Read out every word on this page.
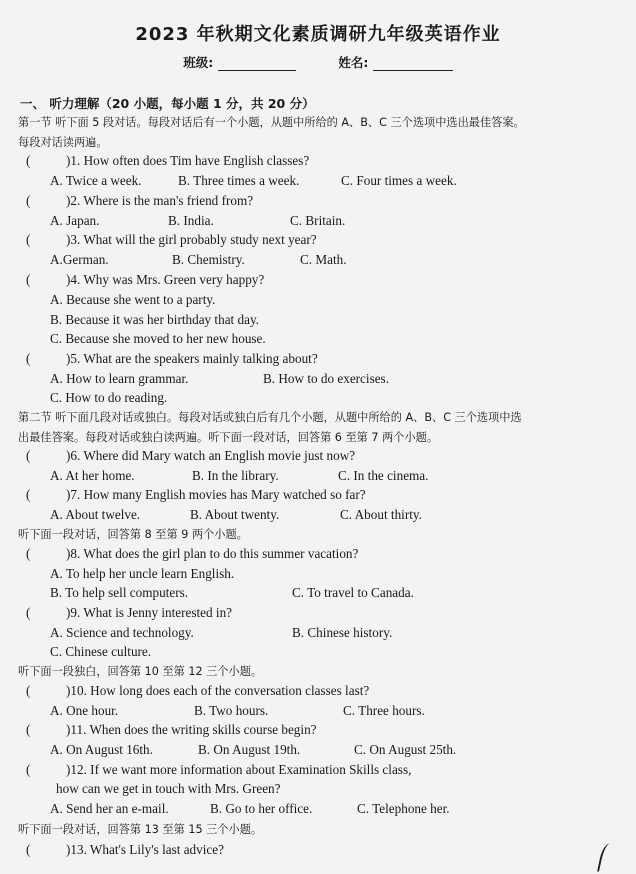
2023 年秋期文化素质调研九年级英语作业
班级:	姓名:
一、 听力理解（20 小题，每小题 1 分，共 20 分）
第一节 听下面 5 段对话。每段对话后有一个小题，从题中所给的 A、B、C 三个选项中选出最佳答案。
每段对话读两遍。
(	)1. How often does Tim have English classes?
A. Twice a week.	B. Three times a week.	C. Four times a week.
(	)2. Where is the man's friend from?
A. Japan.	B. India.	C. Britain.
(	)3. What will the girl probably study next year?
A.German.	B. Chemistry.	C. Math.
(	)4. Why was Mrs. Green very happy?
A. Because she went to a party.
B. Because it was her birthday that day.
C. Because she moved to her new house.
(	)5. What are the speakers mainly talking about?
A. How to learn grammar.	B. How to do exercises.
C. How to do reading.
第二节 听下面几段对话或独白。每段对话或独白后有几个小题，从题中所给的 A、B、C 三个选项中选
出最佳答案。每段对话或独白读两遍。听下面一段对话，回答第 6 至第 7 两个小题。
(	)6. Where did Mary watch an English movie just now?
A. At her home.	B. In the library.	C. In the cinema.
(	)7. How many English movies has Mary watched so far?
A. About twelve.	B. About twenty.	C. About thirty.
听下面一段对话，回答第 8 至第 9 两个小题。
(	)8. What does the girl plan to do this summer vacation?
A. To help her uncle learn English.
B. To help sell computers.	C. To travel to Canada.
(	)9. What is Jenny interested in?
A. Science and technology.	B. Chinese history.
C. Chinese culture.
听下面一段独白，回答第 10 至第 12 三个小题。
(	)10. How long does each of the conversation classes last?
A. One hour.	B. Two hours.	C. Three hours.
(	)11. When does the writing skills course begin?
A. On August 16th.	B. On August 19th.	C. On August 25th.
(	)12. If we want more information about Examination Skills class,
how can we get in touch with Mrs. Green?
A. Send her an e-mail.	B. Go to her office.	C. Telephone her.
听下面一段对话，回答第 13 至第 15 三个小题。
(	)13. What's Lily's last advice?
